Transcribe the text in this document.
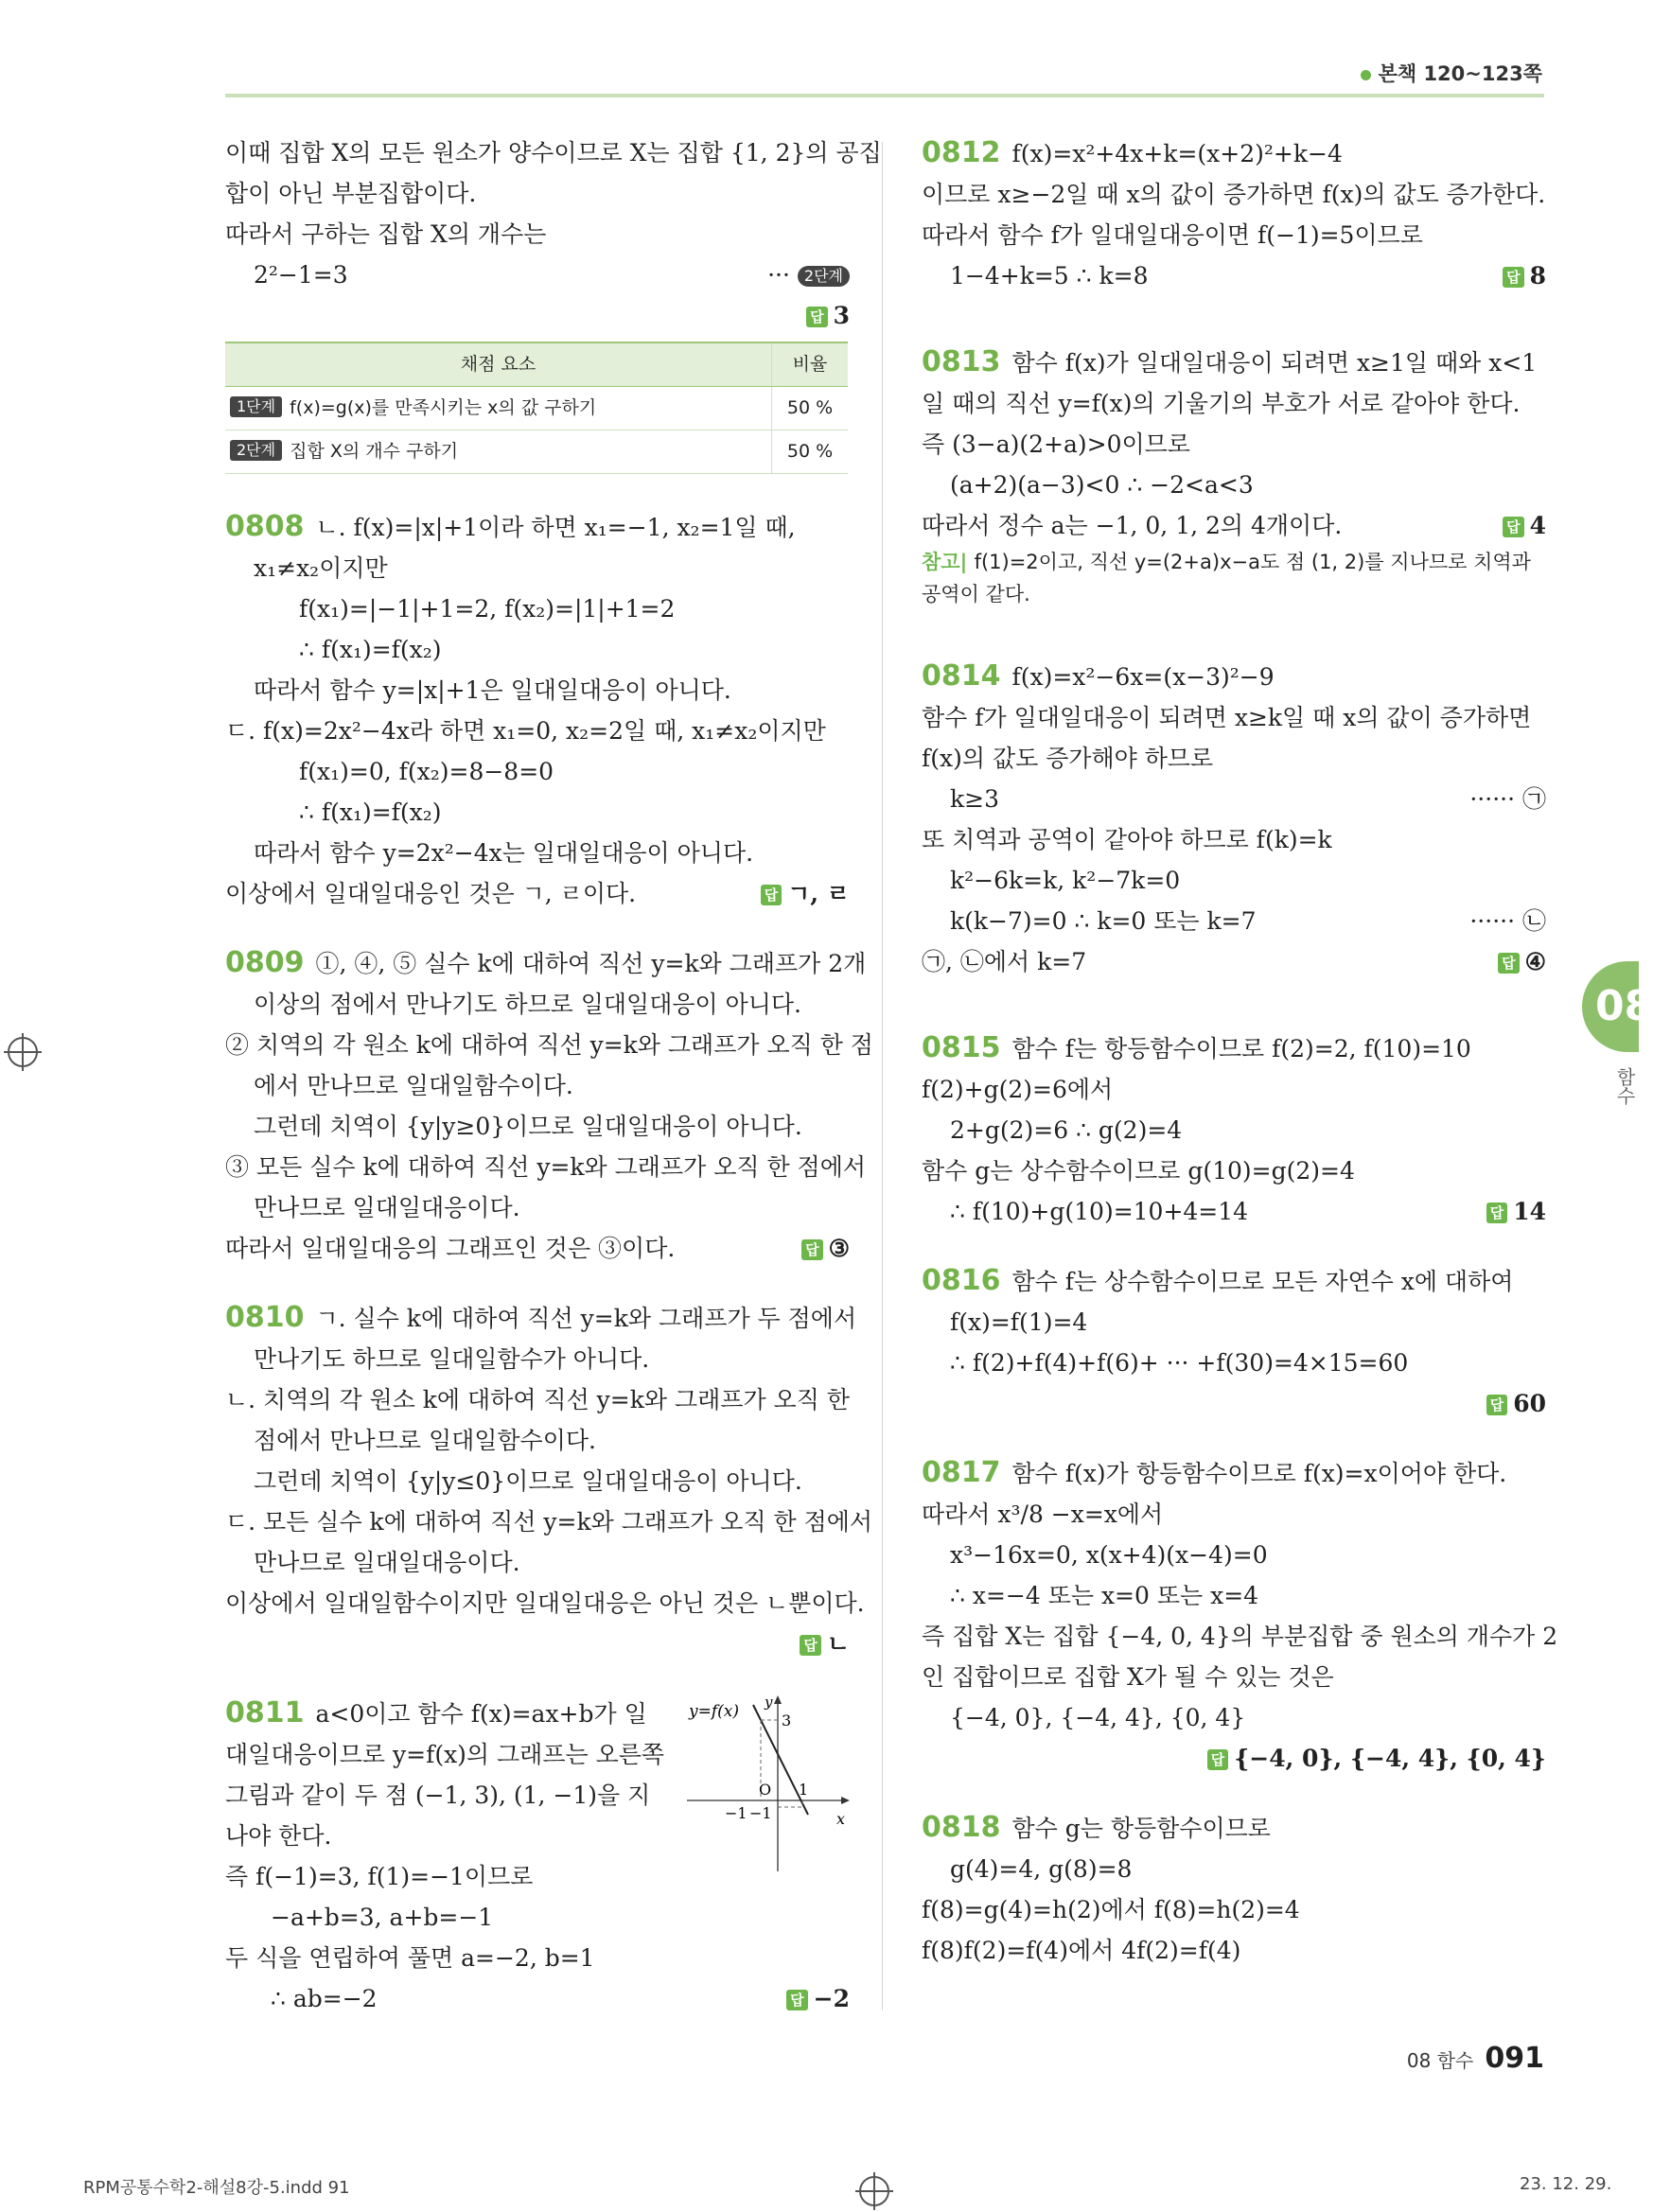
본책 120~123쪽

이때 집합 X의 모든 원소가 양수이므로 X는 집합 {1, 2}의 공집

합이 아닌 부분집합이다.

따라서 구하는 집합 X의 개수는

2²−1=3	··· 2단계

답 3

채점 요소	비율
1단계 f(x)=g(x)를 만족시키는 x의 값 구하기	50 %
2단계 집합 X의 개수 구하기	50 %

0808 ㄴ. f(x)=|x|+1이라 하면 x₁=−1, x₂=1일 때,

x₁≠x₂이지만

f(x₁)=|−1|+1=2, f(x₂)=|1|+1=2

∴ f(x₁)=f(x₂)

따라서 함수 y=|x|+1은 일대일대응이 아니다.

ㄷ. f(x)=2x²−4x라 하면 x₁=0, x₂=2일 때, x₁≠x₂이지만

f(x₁)=0, f(x₂)=8−8=0

∴ f(x₁)=f(x₂)

따라서 함수 y=2x²−4x는 일대일대응이 아니다.

이상에서 일대일대응인 것은 ㄱ, ㄹ이다.	답 ㄱ, ㄹ

0809 ①, ④, ⑤ 실수 k에 대하여 직선 y=k와 그래프가 2개

이상의 점에서 만나기도 하므로 일대일대응이 아니다.

② 치역의 각 원소 k에 대하여 직선 y=k와 그래프가 오직 한 점

에서 만나므로 일대일함수이다.

그런데 치역이 {y|y≥0}이므로 일대일대응이 아니다.

③ 모든 실수 k에 대하여 직선 y=k와 그래프가 오직 한 점에서

만나므로 일대일대응이다.

따라서 일대일대응의 그래프인 것은 ③이다.	답 ③

0810 ㄱ. 실수 k에 대하여 직선 y=k와 그래프가 두 점에서

만나기도 하므로 일대일함수가 아니다.

ㄴ. 치역의 각 원소 k에 대하여 직선 y=k와 그래프가 오직 한

점에서 만나므로 일대일함수이다.

그런데 치역이 {y|y≤0}이므로 일대일대응이 아니다.

ㄷ. 모든 실수 k에 대하여 직선 y=k와 그래프가 오직 한 점에서

만나므로 일대일대응이다.

이상에서 일대일함수이지만 일대일대응은 아닌 것은 ㄴ뿐이다.

답 ㄴ

0811 a<0이고 함수 f(x)=ax+b가 일

대일대응이므로 y=f(x)의 그래프는 오른쪽

그림과 같이 두 점 (−1, 3), (1, −1)을 지

나야 한다.

즉 f(−1)=3, f(1)=−1이므로

−a+b=3, a+b=−1

두 식을 연립하여 풀면 a=−2, b=1

∴ ab=−2	답 −2

y=f(x) y
x
3
O 1
−1 −1

0812 f(x)=x²+4x+k=(x+2)²+k−4

이므로 x≥−2일 때 x의 값이 증가하면 f(x)의 값도 증가한다.

따라서 함수 f가 일대일대응이면 f(−1)=5이므로

1−4+k=5 ∴ k=8	답 8

0813 함수 f(x)가 일대일대응이 되려면 x≥1일 때와 x<1

일 때의 직선 y=f(x)의 기울기의 부호가 서로 같아야 한다.

즉 (3−a)(2+a)>0이므로

(a+2)(a−3)<0 ∴ −2<a<3

따라서 정수 a는 −1, 0, 1, 2의 4개이다.	답 4

참고| f(1)=2이고, 직선 y=(2+a)x−a도 점 (1, 2)를 지나므로 치역과 공역이 같다.

0814 f(x)=x²−6x=(x−3)²−9

함수 f가 일대일대응이 되려면 x≥k일 때 x의 값이 증가하면

f(x)의 값도 증가해야 하므로

k≥3	······ ㉠

또 치역과 공역이 같아야 하므로 f(k)=k

k²−6k=k, k²−7k=0

k(k−7)=0 ∴ k=0 또는 k=7	······ ㉡

㉠, ㉡에서 k=7	답 ④

0815 함수 f는 항등함수이므로 f(2)=2, f(10)=10

f(2)+g(2)=6에서

2+g(2)=6 ∴ g(2)=4

함수 g는 상수함수이므로 g(10)=g(2)=4

∴ f(10)+g(10)=10+4=14	답 14

0816 함수 f는 상수함수이므로 모든 자연수 x에 대하여

f(x)=f(1)=4

∴ f(2)+f(4)+f(6)+ ··· +f(30)=4×15=60

답 60

0817 함수 f(x)가 항등함수이므로 f(x)=x이어야 한다.

따라서 x³/8 −x=x에서

x³−16x=0, x(x+4)(x−4)=0

∴ x=−4 또는 x=0 또는 x=4

즉 집합 X는 집합 {−4, 0, 4}의 부분집합 중 원소의 개수가 2

인 집합이므로 집합 X가 될 수 있는 것은

{−4, 0}, {−4, 4}, {0, 4}

답 {−4, 0}, {−4, 4}, {0, 4}

0818 함수 g는 항등함수이므로

g(4)=4, g(8)=8

f(8)=g(4)=h(2)에서 f(8)=h(2)=4

f(8)f(2)=f(4)에서 4f(2)=f(4)

08
함수
08 함수 091
RPM공통수학2-해설8강-5.indd 91	23. 12. 29.
